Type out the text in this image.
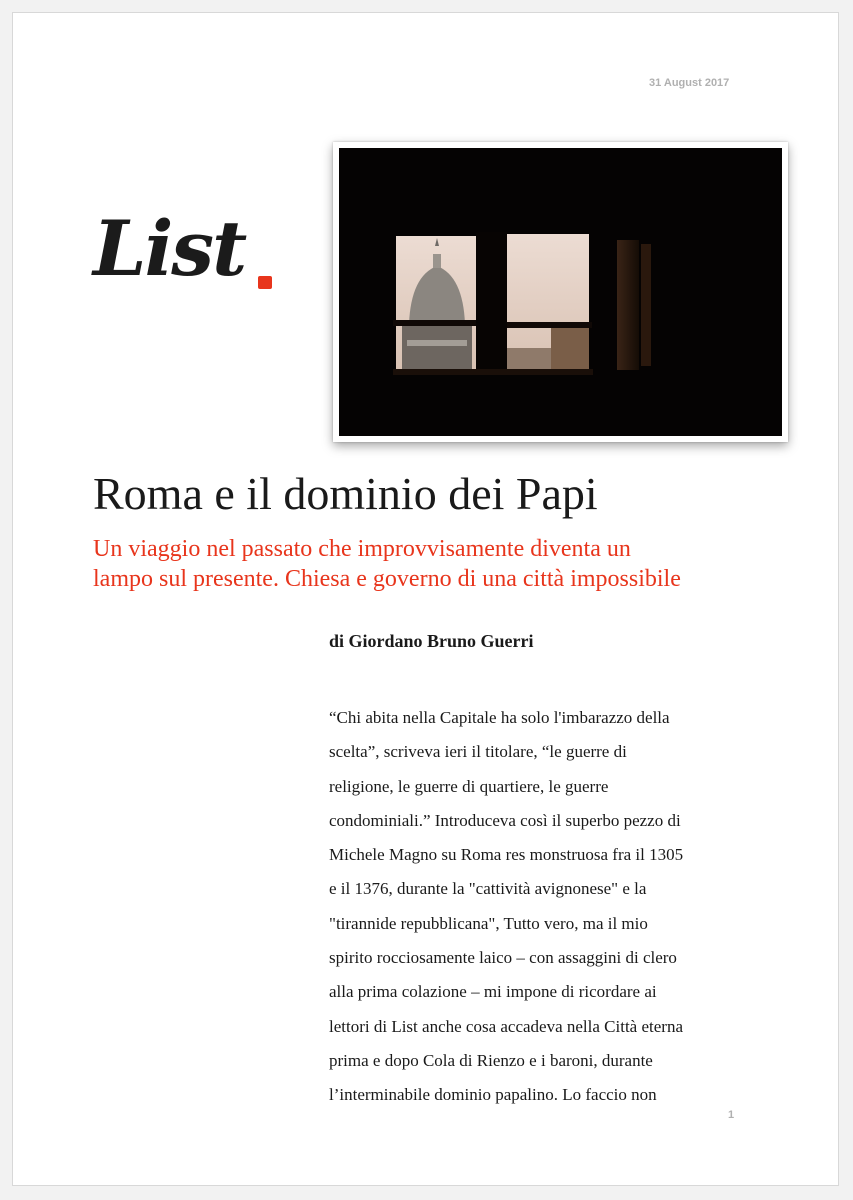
31 August 2017
List
Roma e il dominio dei Papi
Un viaggio nel passato che improvvisamente diventa un
lampo sul presente. Chiesa e governo di una città impossibile
di Giordano Bruno Guerri
“Chi abita nella Capitale ha solo l'imbarazzo della
scelta”, scriveva ieri il titolare, “le guerre di
religione, le guerre di quartiere, le guerre
condominiali.” Introduceva così il superbo pezzo di
Michele Magno su Roma res monstruosa fra il 1305
e il 1376, durante la "cattività avignonese" e la
"tirannide repubblicana", Tutto vero, ma il mio
spirito rocciosamente laico – con assaggini di clero
alla prima colazione – mi impone di ricordare ai
lettori di List anche cosa accadeva nella Città eterna
prima e dopo Cola di Rienzo e i baroni, durante
l’interminabile dominio papalino. Lo faccio non
1
